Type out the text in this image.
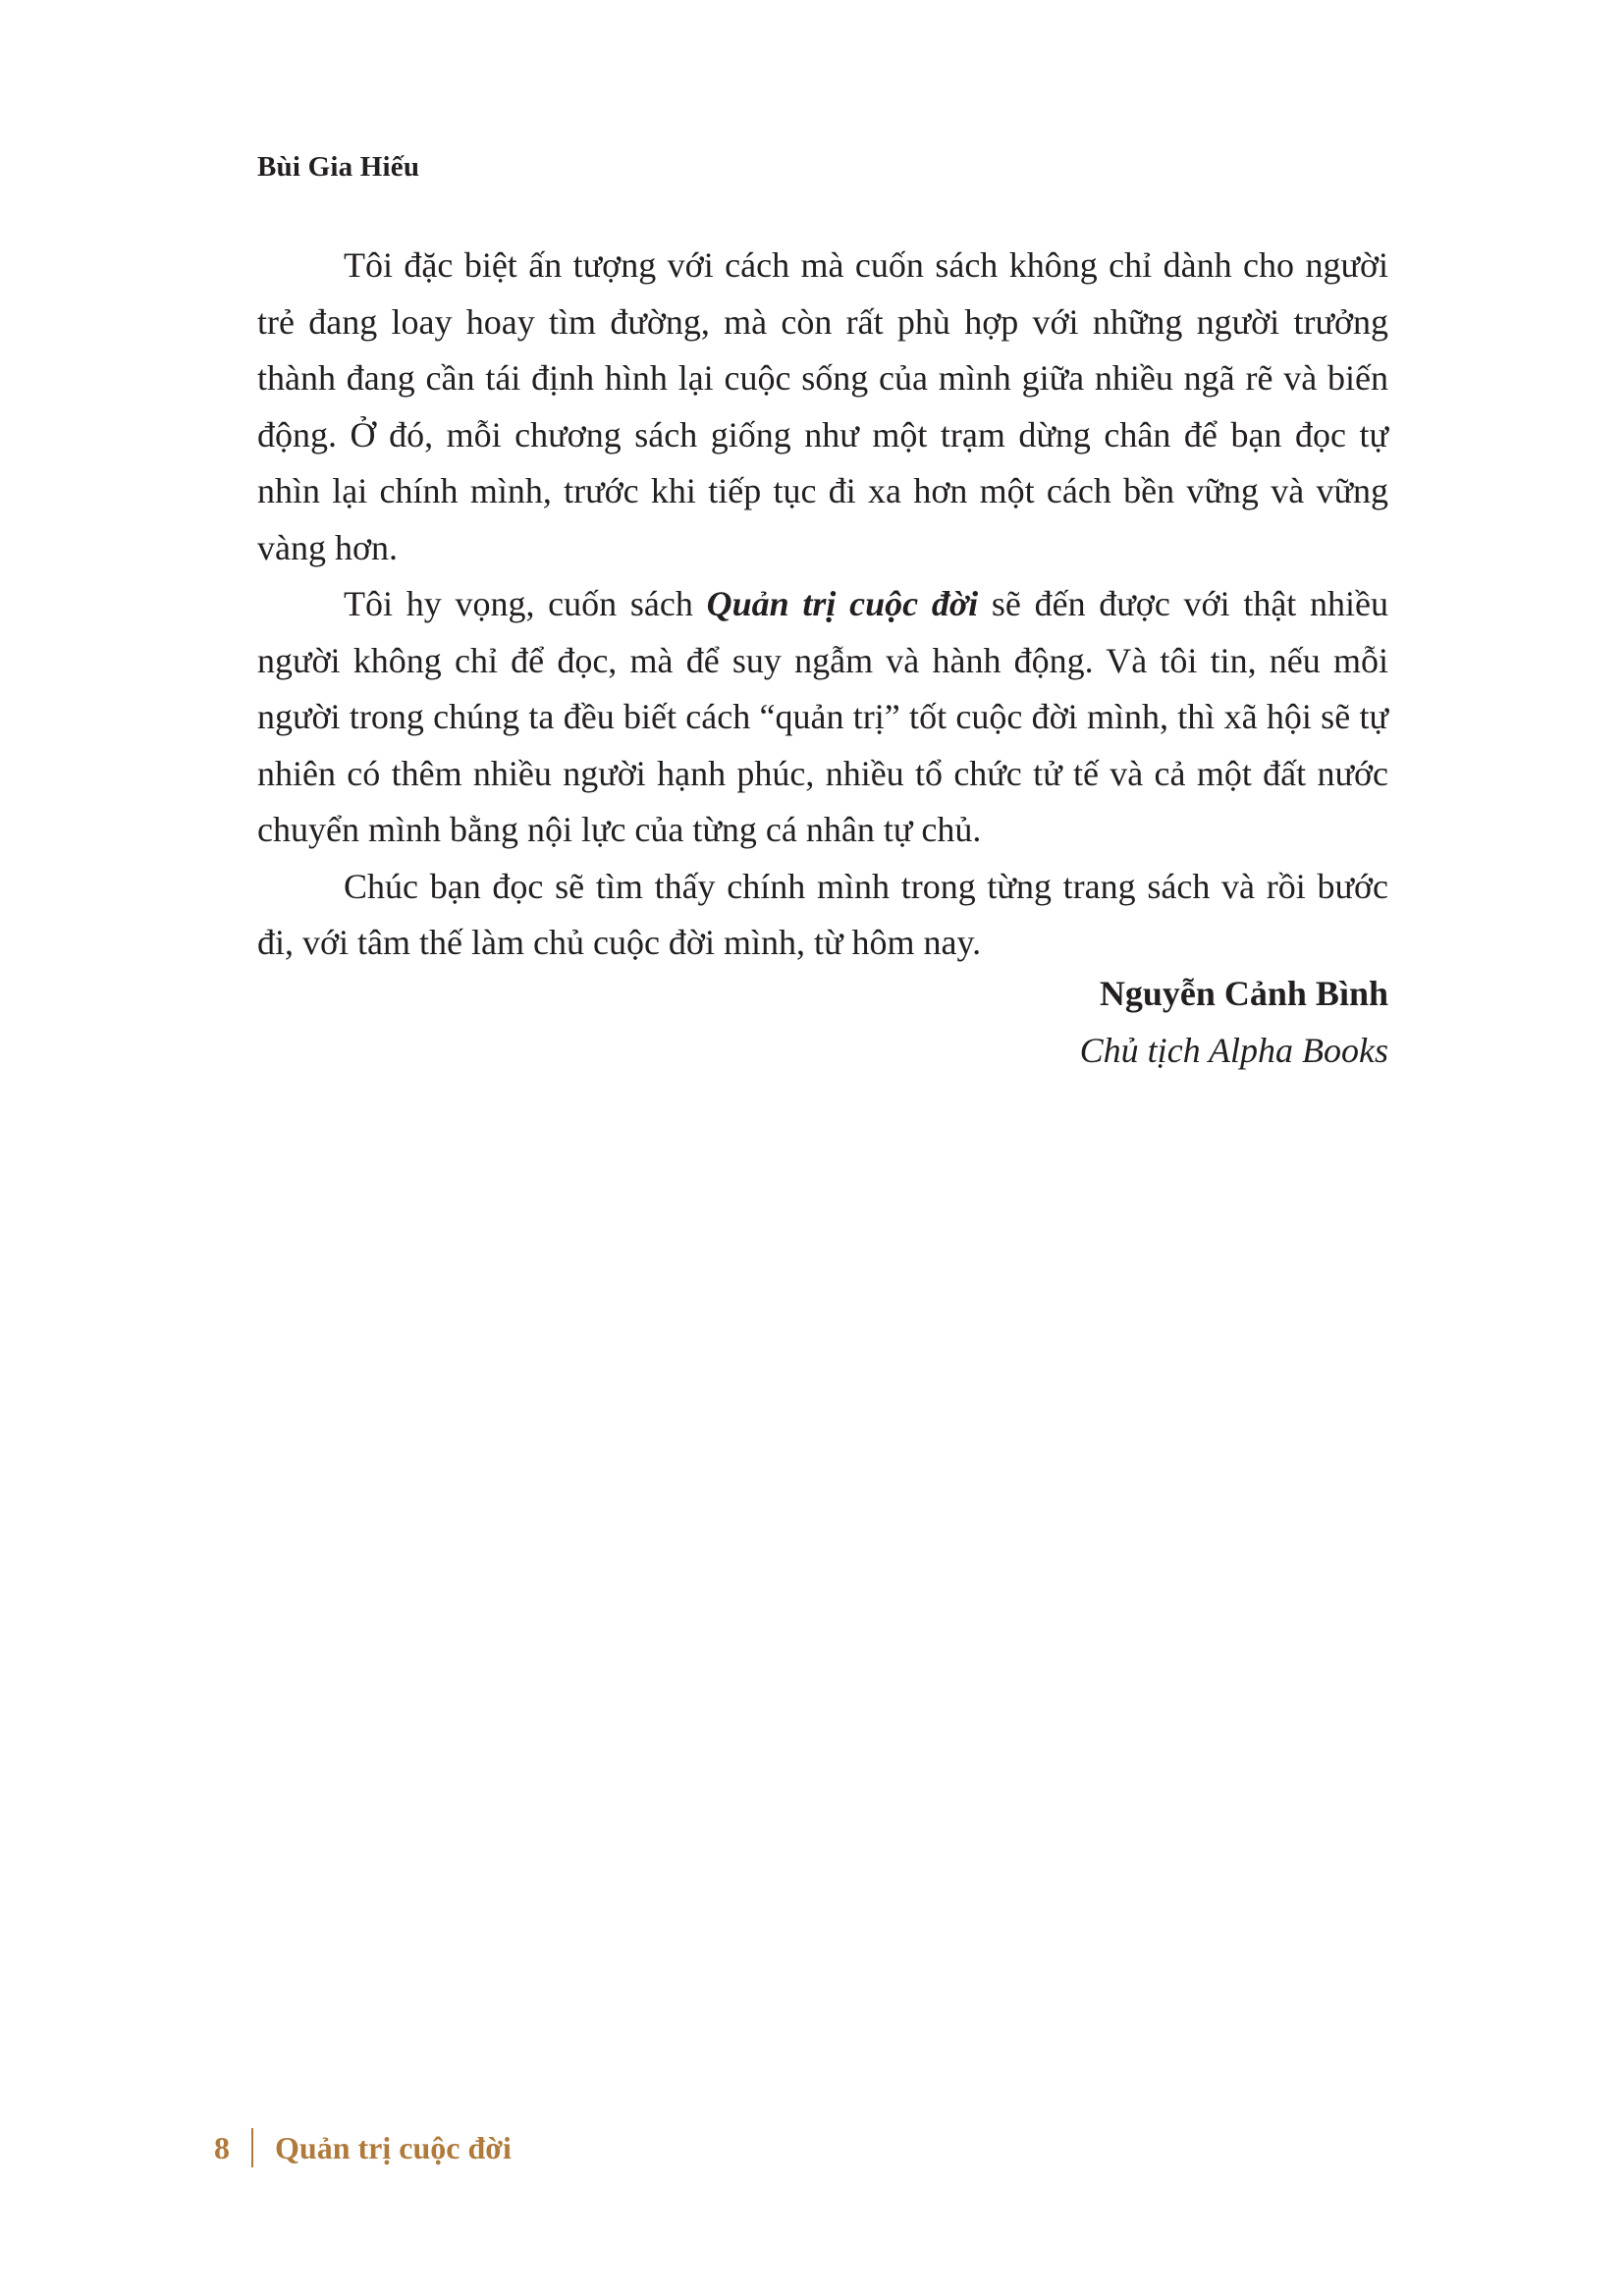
Bùi Gia Hiếu

Tôi đặc biệt ấn tượng với cách mà cuốn sách không chỉ dành cho người trẻ đang loay hoay tìm đường, mà còn rất phù hợp với những người trưởng thành đang cần tái định hình lại cuộc sống của mình giữa nhiều ngã rẽ và biến động. Ở đó, mỗi chương sách giống như một trạm dừng chân để bạn đọc tự nhìn lại chính mình, trước khi tiếp tục đi xa hơn một cách bền vững và vững vàng hơn.

Tôi hy vọng, cuốn sách Quản trị cuộc đời sẽ đến được với thật nhiều người không chỉ để đọc, mà để suy ngẫm và hành động. Và tôi tin, nếu mỗi người trong chúng ta đều biết cách “quản trị” tốt cuộc đời mình, thì xã hội sẽ tự nhiên có thêm nhiều người hạnh phúc, nhiều tổ chức tử tế và cả một đất nước chuyển mình bằng nội lực của từng cá nhân tự chủ.

Chúc bạn đọc sẽ tìm thấy chính mình trong từng trang sách và rồi bước đi, với tâm thế làm chủ cuộc đời mình, từ hôm nay.

Nguyễn Cảnh Bình
Chủ tịch Alpha Books
8 Quản trị cuộc đời
